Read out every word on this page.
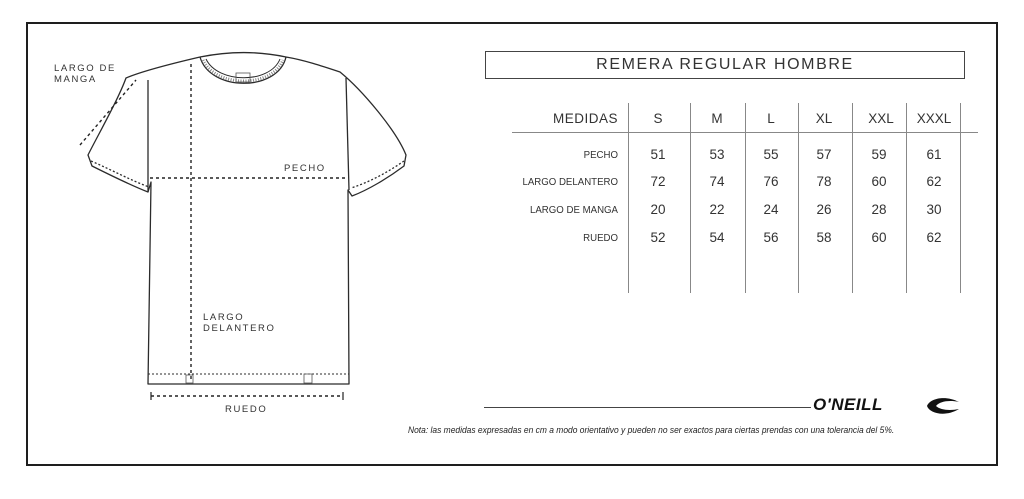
LARGO DE
MANGA
PECHO
LARGO
DELANTERO
RUEDO
REMERA REGULAR HOMBRE
MEDIDAS	S	M	L	XL	XXL	XXXL
PECHO	51	53	55	57	59	61
LARGO DELANTERO	72	74	76	78	60	62
LARGO DE MANGA	20	22	24	26	28	30
RUEDO	52	54	56	58	60	62
O'NEILL
Nota: las medidas expresadas en cm a modo orientativo y pueden no ser exactos para ciertas prendas con una tolerancia del 5%.
